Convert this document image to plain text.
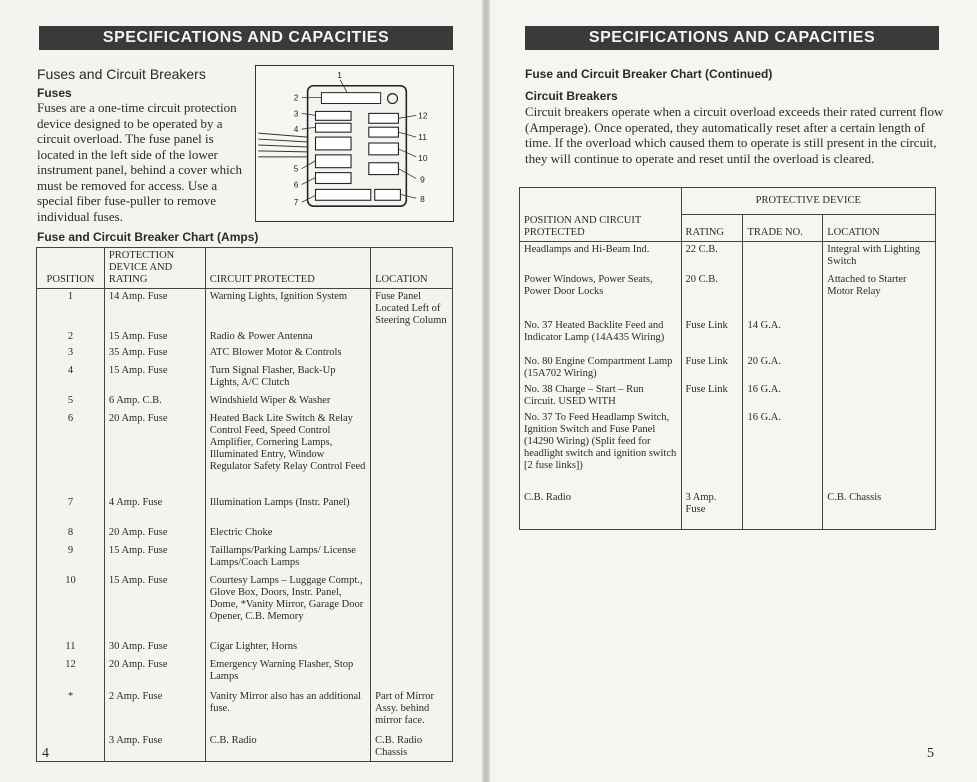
SPECIFICATIONS AND CAPACITIES
Fuses and Circuit Breakers
Fuses

Fuses are a one-time circuit protection device designed to be operated by a circuit overload. The fuse panel is located in the left side of the lower instrument panel, behind a cover which must be removed for access. Use a special fiber fuse-puller to remove individual fuses.

1
2
3
4
5
6
7	8
9
10
11
12
Fuse and Circuit Breaker Chart (Amps)
POSITION	PROTECTION DEVICE AND RATING	CIRCUIT PROTECTED	LOCATION
1	14 Amp. Fuse	Warning Lights, Ignition System	Fuse Panel Located Left of Steering Column
2	15 Amp. Fuse	Radio & Power Antenna	
3	35 Amp. Fuse	ATC Blower Motor & Controls	
4	15 Amp. Fuse	Turn Signal Flasher, Back-Up Lights, A/C Clutch	
5	6 Amp. C.B.	Windshield Wiper & Washer	
6	20 Amp. Fuse	Heated Back Lite Switch & Relay Control Feed, Speed Control Amplifier, Cornering Lamps, Illuminated Entry, Window Regulator Safety Relay Control Feed	
7	4 Amp. Fuse	Illumination Lamps (Instr. Panel)	
8	20 Amp. Fuse	Electric Choke	
9	15 Amp. Fuse	Taillamps/Parking Lamps/ License Lamps/Coach Lamps	
10	15 Amp. Fuse	Courtesy Lamps – Luggage Compt., Glove Box, Doors, Instr. Panel, Dome, *Vanity Mirror, Garage Door Opener, C.B. Memory	
11	30 Amp. Fuse	Cigar Lighter, Horns	
12	20 Amp. Fuse	Emergency Warning Flasher, Stop Lamps	
*	2 Amp. Fuse	Vanity Mirror also has an additional fuse.	Part of Mirror Assy. behind mirror face.
	3 Amp. Fuse	C.B. Radio	C.B. Radio Chassis
4
SPECIFICATIONS AND CAPACITIES
Fuse and Circuit Breaker Chart (Continued)
Circuit Breakers

Circuit breakers operate when a circuit overload exceeds their rated current flow (Amperage). Once operated, they automatically reset after a certain length of time. If the overload which caused them to operate is still present in the circuit, they will continue to operate and reset until the overload is cleared.

POSITION AND CIRCUIT PROTECTED	PROTECTIVE DEVICE		
	RATING	TRADE NO.	LOCATION
Headlamps and Hi-Beam Ind.	22 C.B.		Integral with Lighting Switch
Power Windows, Power Seats, Power Door Locks	20 C.B.		Attached to Starter Motor Relay
No. 37 Heated Backlite Feed and Indicator Lamp (14A435 Wiring)	Fuse Link	14 G.A.	
No. 80 Engine Compartment Lamp (15A702 Wiring)	Fuse Link	20 G.A.	
No. 38 Charge – Start – Run Circuit. USED WITH	Fuse Link	16 G.A.	
No. 37 To Feed Headlamp Switch, Ignition Switch and Fuse Panel (14290 Wiring) (Split feed for headlight switch and ignition switch [2 fuse links])		16 G.A.	
C.B. Radio	3 Amp. Fuse		C.B. Chassis
5
